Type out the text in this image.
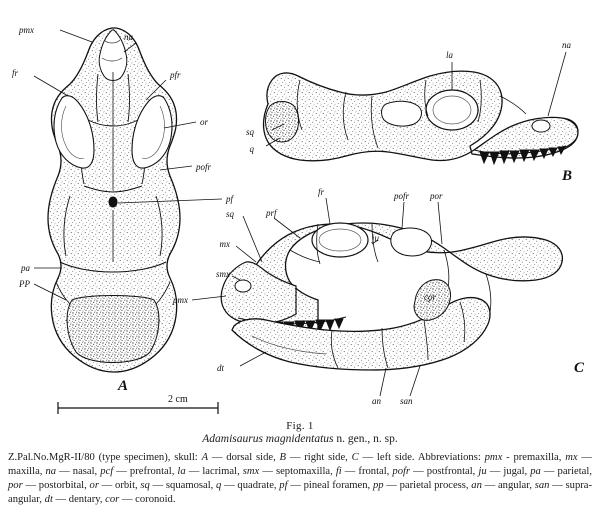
A
pmx
na
fr	pfr
or
pofr
pf
pa
PP
B
la
na
sq
q
C
fr	pofr por
prf
sq
ju
mx
smx
pmx	cor
dt
an san
2 cm

Fig. 1

Adamisaurus magnidentatus n. gen., n. sp.

Z.Pal.No.MgR-II/80 (type specimen), skull: A — dorsal side, B — right side, C — left side. Abbreviations: pmx - premaxilla, mx — maxilla, na — nasal, pcf — prefrontal, la — lacrimal, smx — septomaxilla, fi — frontal, pofr — postfrontal, ju — jugal, pa — parietal, por — postorbital, or — orbit, sq — squamosal, q — quadrate, pf — pineal foramen, pp — parietal process, an — angular, san — supra-angular, dt — dentary, cor — coronoid.
